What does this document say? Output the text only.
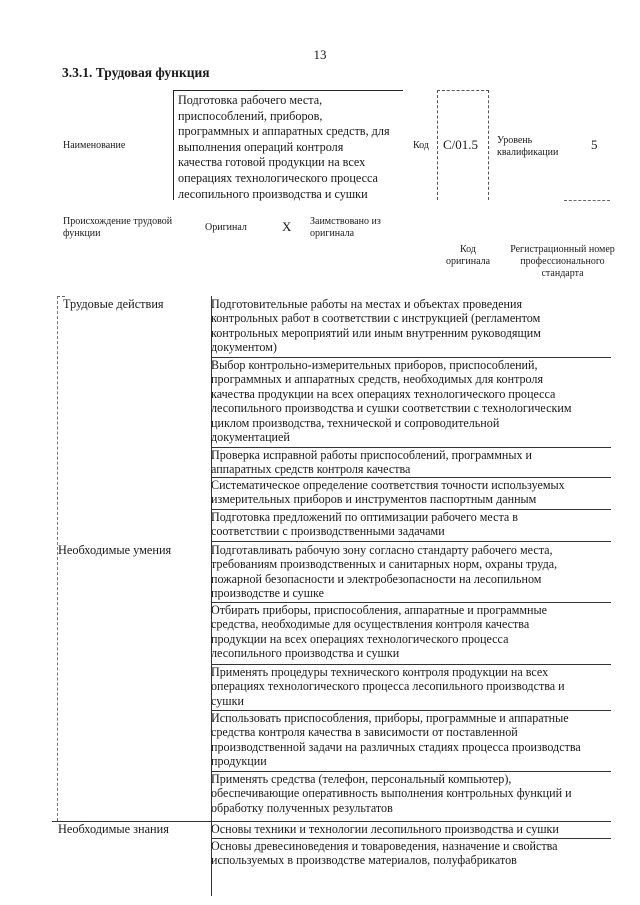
13
3.3.1. Трудовая функция
Наименование
Подготовка рабочего места,
приспособлений, приборов,
программных и аппаратных средств, для
выполнения операций контроля
качества готовой продукции на всех
операциях технологического процесса
лесопильного производства и сушки
Код C/01.5 Уровень
квалификации
5
Происхождение трудовой
функции
Оригинал	X Заимствовано из
оригинала
Код
оригинала
Регистрационный номер
профессионального
стандарта
Трудовые действия
Необходимые умения
Необходимые знания
Подготовительные работы на местах и объектах проведения
контрольных работ в соответствии с инструкцией (регламентом
контрольных мероприятий или иным внутренним руководящим
документом)
Выбор контрольно-измерительных приборов, приспособлений,
программных и аппаратных средств, необходимых для контроля
качества продукции на всех операциях технологического процесса
лесопильного производства и сушки соответствии с технологическим
циклом производства, технической и сопроводительной
документацией
Проверка исправной работы приспособлений, программных и
аппаратных средств контроля качества
Систематическое определение соответствия точности используемых
измерительных приборов и инструментов паспортным данным
Подготовка предложений по оптимизации рабочего места в
соответствии с производственными задачами
Подготавливать рабочую зону согласно стандарту рабочего места,
требованиям производственных и санитарных норм, охраны труда,
пожарной безопасности и электробезопасности на лесопильном
производстве и сушке
Отбирать приборы, приспособления, аппаратные и программные
средства, необходимые для осуществления контроля качества
продукции на всех операциях технологического процесса
лесопильного производства и сушки
Применять процедуры технического контроля продукции на всех
операциях технологического процесса лесопильного производства и
сушки
Использовать приспособления, приборы, программные и аппаратные
средства контроля качества в зависимости от поставленной
производственной задачи на различных стадиях процесса производства
продукции
Применять средства (телефон, персональный компьютер),
обеспечивающие оперативность выполнения контрольных функций и
обработку полученных результатов
Основы техники и технологии лесопильного производства и сушки
Основы древесиноведения и товароведения, назначение и свойства
используемых в производстве материалов, полуфабрикатов
